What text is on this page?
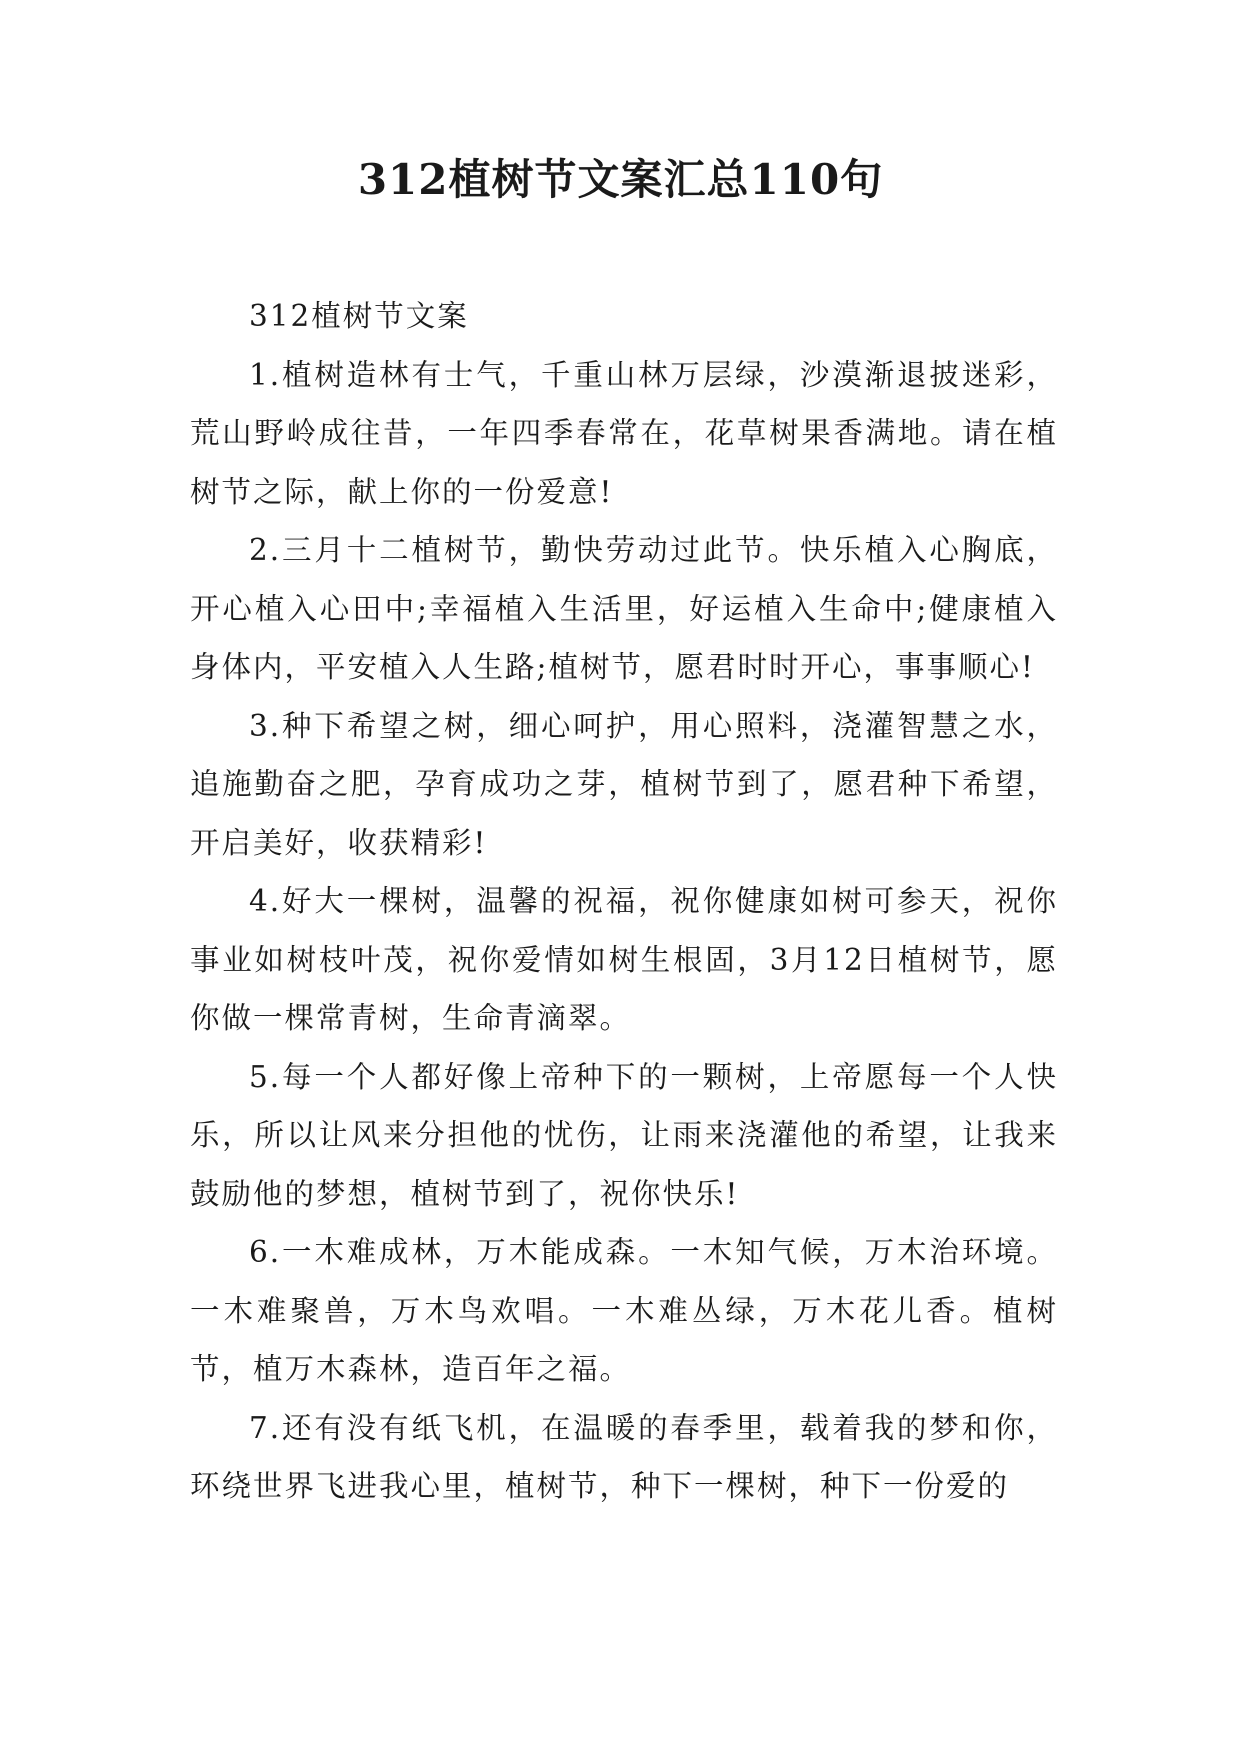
312植树节文案汇总110句

312植树节文案

1.植树造林有士气，千重山林万层绿，沙漠渐退披迷彩，荒山野岭成往昔，一年四季春常在，花草树果香满地。请在植树节之际，献上你的一份爱意!

2.三月十二植树节，勤快劳动过此节。快乐植入心胸底，开心植入心田中;幸福植入生活里，好运植入生命中;健康植入身体内，平安植入人生路;植树节，愿君时时开心，事事顺心!

3.种下希望之树，细心呵护，用心照料，浇灌智慧之水，追施勤奋之肥，孕育成功之芽，植树节到了，愿君种下希望，开启美好，收获精彩!

4.好大一棵树，温馨的祝福，祝你健康如树可参天，祝你事业如树枝叶茂，祝你爱情如树生根固，3月12日植树节，愿你做一棵常青树，生命青滴翠。

5.每一个人都好像上帝种下的一颗树，上帝愿每一个人快乐，所以让风来分担他的忧伤，让雨来浇灌他的希望，让我来鼓励他的梦想，植树节到了，祝你快乐!

6.一木难成林，万木能成森。一木知气候，万木治环境。一木难聚兽，万木鸟欢唱。一木难丛绿，万木花儿香。植树节，植万木森林，造百年之福。

7.还有没有纸飞机，在温暖的春季里，载着我的梦和你，环绕世界飞进我心里，植树节，种下一棵树，种下一份爱的
